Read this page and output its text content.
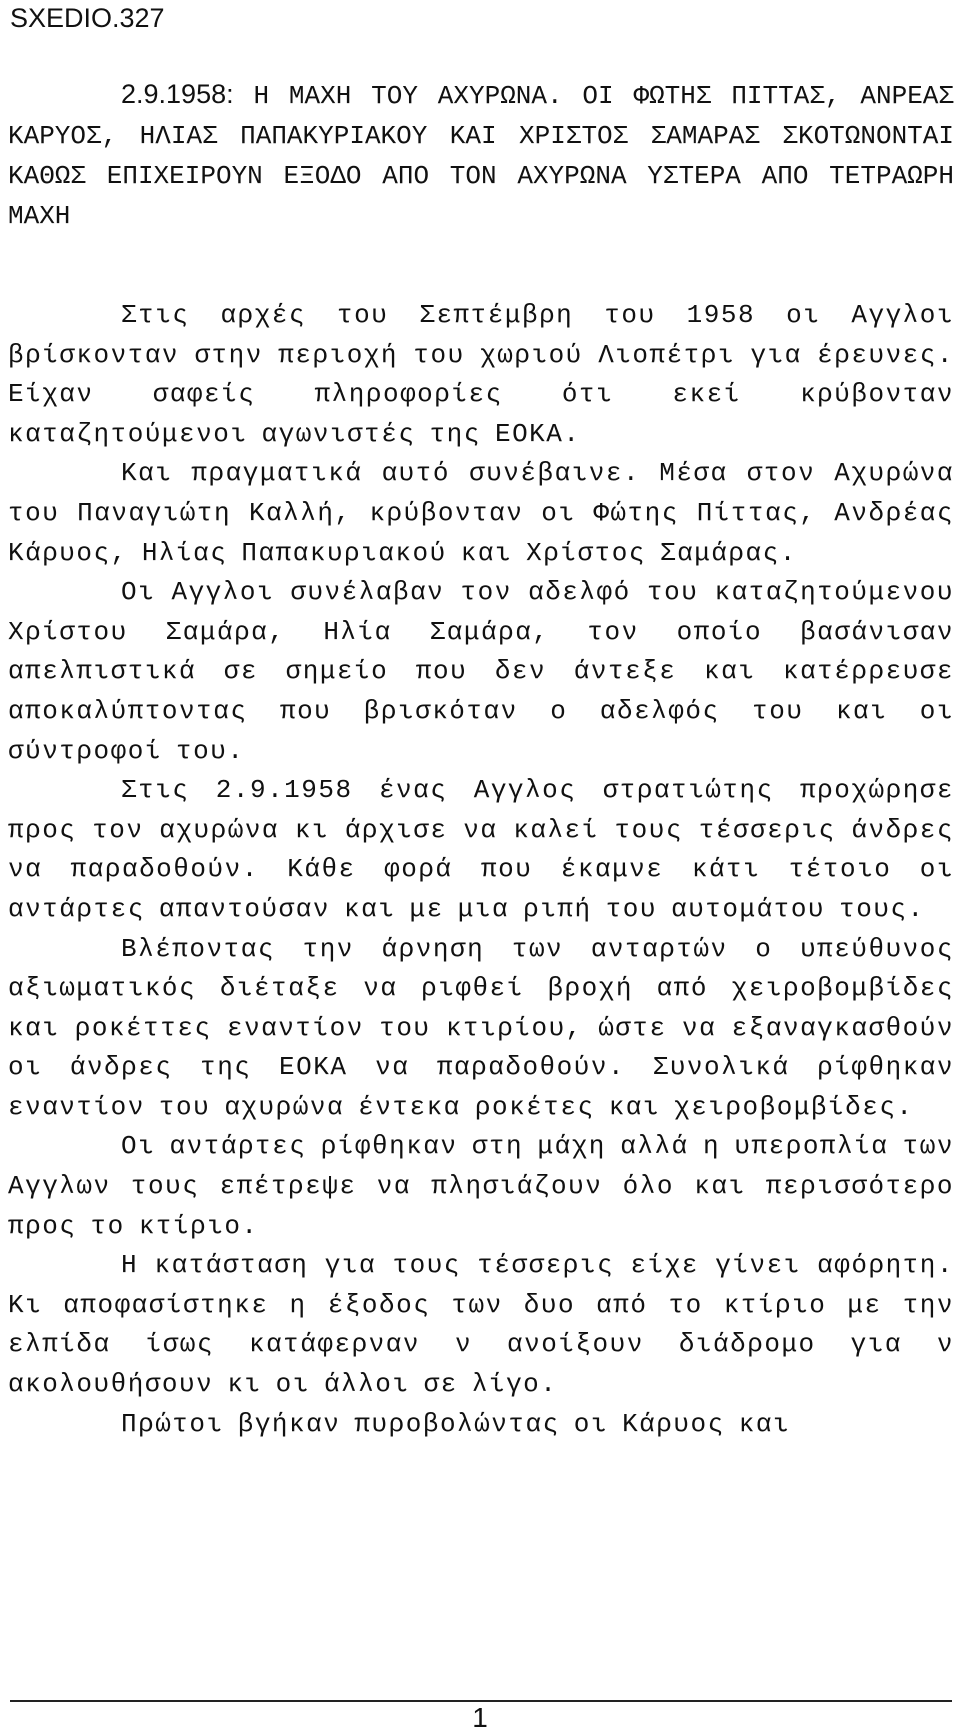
SXEDIO.327

2.9.1958: Η ΜΑΧΗ ΤΟΥ ΑΧΥΡΩΝΑ. ΟΙ ΦΩΤΗΣ ΠΙΤΤΑΣ, ΑΝΡΕΑΣ ΚΑΡΥΟΣ, ΗΛΙΑΣ ΠΑΠΑΚΥΡΙΑΚΟΥ ΚΑΙ ΧΡΙΣΤΟΣ ΣΑΜΑΡΑΣ ΣΚΟΤΩΝΟΝΤΑΙ ΚΑΘΩΣ ΕΠΙΧΕΙΡΟΥΝ ΕΞΟΔΟ ΑΠΟ ΤΟΝ ΑΧΥΡΩΝΑ ΥΣΤΕΡΑ ΑΠΟ ΤΕΤΡΑΩΡΗ ΜΑΧΗ

Στις αρχές του Σεπτέμβρη του 1958 οι Αγγλοι βρίσκονταν στην περιοχή του χωριού Λιοπέτρι για έρευνες. Είχαν σαφείς πληροφορίες ότι εκεί κρύβονταν καταζητούμενοι αγωνιστές της ΕΟΚΑ.

Και πραγματικά αυτό συνέβαινε. Μέσα στον Αχυρώνα του Παναγιώτη Καλλή, κρύβονταν οι Φώτης Πίττας, Ανδρέας Κάρυος, Ηλίας Παπακυριακού και Χρίστος Σαμάρας.

Οι Αγγλοι συνέλαβαν τον αδελφό του καταζητούμενου Χρίστου Σαμάρα, Ηλία Σαμάρα, τον οποίο βασάνισαν απελπιστικά σε σημείο που δεν άντεξε και κατέρρευσε αποκαλύπτοντας που βρισκόταν ο αδελφός του και οι σύντροφοί του.

Στις 2.9.1958 ένας Αγγλος στρατιώτης προχώρησε προς τον αχυρώνα κι άρχισε να καλεί τους τέσσερις άνδρες να παραδοθούν. Κάθε φορά που έκαμνε κάτι τέτοιο οι αντάρτες απαντούσαν και με μια ριπή του αυτομάτου τους.

Βλέποντας την άρνηση των ανταρτών ο υπεύθυνος αξιωματικός διέταξε να ριφθεί βροχή από χειροβομβίδες και ροκέττες εναντίον του κτιρίου, ώστε να εξαναγκασθούν οι άνδρες της ΕΟΚΑ να παραδοθούν. Συνολικά ρίφθηκαν εναντίον του αχυρώνα έντεκα ροκέτες και χειροβομβίδες.

Οι αντάρτες ρίφθηκαν στη μάχη αλλά η υπεροπλία των Αγγλων τους επέτρεψε να πλησιάζουν όλο και περισσότερο προς το κτίριο.

Η κατάσταση για τους τέσσερις είχε γίνει αφόρητη. Κι αποφασίστηκε η έξοδος των δυο από το κτίριο με την ελπίδα ίσως κατάφερναν ν ανοίξουν διάδρομο για ν ακολουθήσουν κι οι άλλοι σε λίγο.

Πρώτοι βγήκαν πυροβολώντας οι Κάρυος και

1
